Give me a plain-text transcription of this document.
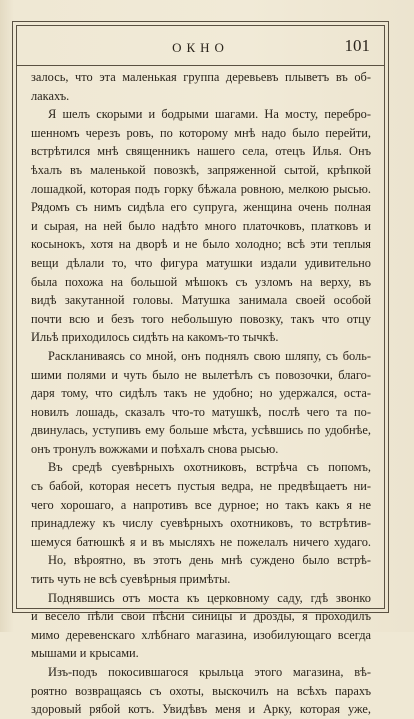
ОКНО	101
залось, что эта маленькая группа деревьевъ плыветъ въ об-
лакахъ.
Я шелъ скорыми и бодрыми шагами. На мосту, перебро-
шенномъ черезъ ровъ, по которому мнѣ надо было перейти,
встрѣтился мнѣ священникъ нашего села, отецъ Илья. Онъ
ѣхалъ въ маленькой повозкѣ, запряженной сытой, крѣпкой
лошадкой, которая подъ горку бѣжала ровною, мелкою рысью.
Рядомъ съ нимъ сидѣла его супруга, женщина очень полная
и сырая, на ней было надѣто много платочковъ, платковъ и
косынокъ, хотя на дворѣ и не было холодно; всѣ эти теплыя
вещи дѣлали то, что фигура матушки издали удивительно
была похожа на большой мѣшокъ съ узломъ на верху, въ
видѣ закутанной головы. Матушка занимала своей особой
почти всю и безъ того небольшую повозку, такъ что отцу
Ильѣ приходилось сидѣть на какомъ-то тычкѣ.
Раскланиваясь со мной, онъ поднялъ свою шляпу, съ боль-
шими полями и чуть было не вылетѣлъ съ повозочки, благо-
даря тому, что сидѣлъ такъ не удобно; но удержался, оста-
новилъ лошадь, сказалъ что-то матушкѣ, послѣ чего та по-
двинулась, уступивъ ему больше мѣста, усѣвшись по удобнѣе,
онъ тронулъ вожжами и поѣхалъ снова рысью.
Въ средѣ суевѣрныхъ охотниковъ, встрѣча съ попомъ,
съ бабой, которая несетъ пустыя ведра, не предвѣщаетъ ни-
чего хорошаго, а напротивъ все дурное; но такъ какъ я не
принадлежу къ числу суевѣрныхъ охотниковъ, то встрѣтив-
шемуся батюшкѣ я и въ мысляхъ не пожелалъ ничего худаго.
Но, вѣроятно, въ этотъ день мнѣ суждено было встрѣ-
тить чуть не всѣ суевѣрныя примѣты.
Поднявшись отъ моста къ церковному саду, гдѣ звонко
и весело пѣли свои пѣсни синицы и дрозды, я проходилъ
мимо деревенскаго хлѣбнаго магазина, изобилующаго всегда
мышами и крысами.
Изъ-подъ покосившагося крыльца этого магазина, вѣ-
роятно возвращаясь съ охоты, выскочилъ на всѣхъ парахъ
здоровый рябой котъ. Увидѣвъ меня и Арку, которая уже,
